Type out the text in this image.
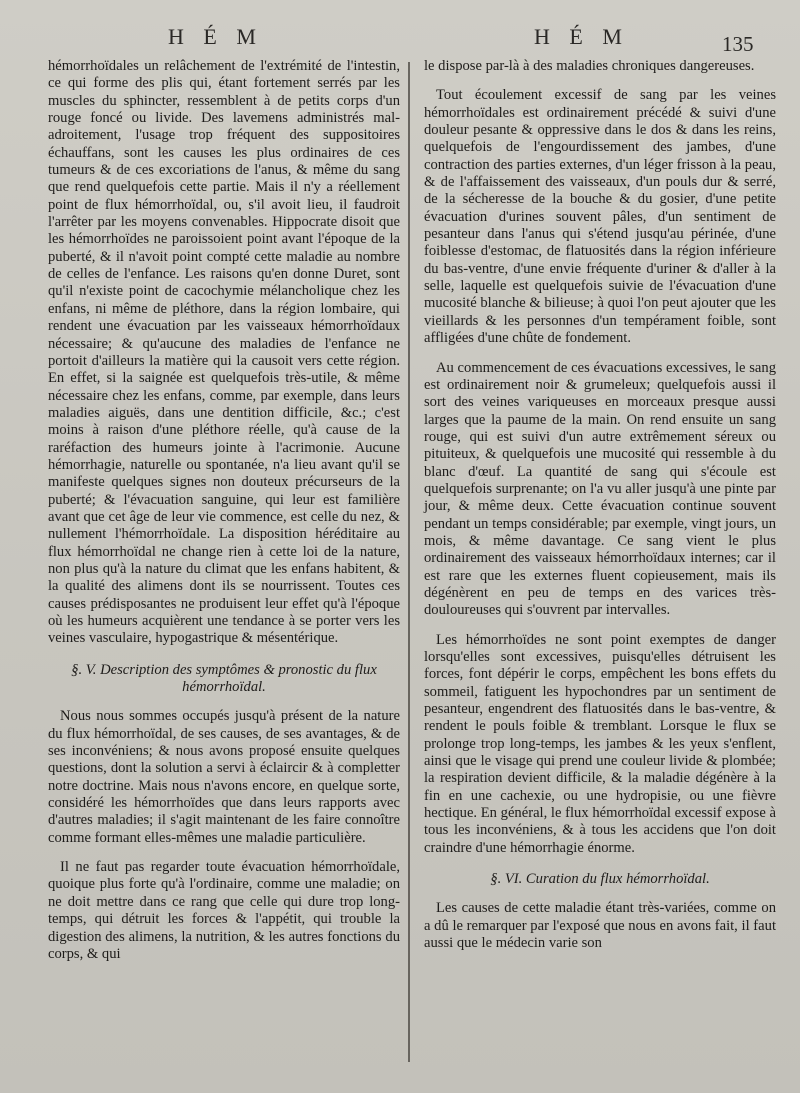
H É M	H É M	135

hémorrhoïdales un relâchement de l'extrémité de l'intestin, ce qui forme des plis qui, étant fortement serrés par les muscles du sphincter, ressemblent à de petits corps d'un rouge foncé ou livide. Des lavemens administrés mal-adroitement, l'usage trop fréquent des suppositoires échauffans, sont les causes les plus ordinaires de ces tumeurs & de ces excoriations de l'anus, & même du sang que rend quelquefois cette partie. Mais il n'y a réellement point de flux hémorrhoïdal, ou, s'il avoit lieu, il faudroit l'arrêter par les moyens convenables. Hippocrate disoit que les hémorrhoïdes ne paroissoient point avant l'époque de la puberté, & il n'avoit point compté cette maladie au nombre de celles de l'enfance. Les raisons qu'en donne Duret, sont qu'il n'existe point de cacochymie mélancholique chez les enfans, ni même de pléthore, dans la région lombaire, qui rendent une évacuation par les vaisseaux hémorrhoïdaux nécessaire; & qu'aucune des maladies de l'enfance ne portoit d'ailleurs la matière qui la causoit vers cette région. En effet, si la saignée est quelquefois très-utile, & même nécessaire chez les enfans, comme, par exemple, dans leurs maladies aiguës, dans une dentition difficile, &c.; c'est moins à raison d'une pléthore réelle, qu'à cause de la raréfaction des humeurs jointe à l'acrimonie. Aucune hémorrhagie, naturelle ou spontanée, n'a lieu avant qu'il se manifeste quelques signes non douteux précurseurs de la puberté; & l'évacuation sanguine, qui leur est familière avant que cet âge de leur vie commence, est celle du nez, & nullement l'hémorrhoïdale. La disposition héréditaire au flux hémorrhoïdal ne change rien à cette loi de la nature, non plus qu'à la nature du climat que les enfans habitent, & la qualité des alimens dont ils se nourrissent. Toutes ces causes prédisposantes ne produisent leur effet qu'à l'époque où les humeurs acquièrent une tendance à se porter vers les veines vasculaire, hypogastrique & mésentérique.

§. V. Description des symptômes & pronostic du flux hémorrhoïdal.

Nous nous sommes occupés jusqu'à présent de la nature du flux hémorrhoïdal, de ses causes, de ses avantages, & de ses inconvéniens; & nous avons proposé ensuite quelques questions, dont la solution a servi à éclaircir & à completter notre doctrine. Mais nous n'avons encore, en quelque sorte, considéré les hémorrhoïdes que dans leurs rapports avec d'autres maladies; il s'agit maintenant de les faire connoître comme formant elles-mêmes une maladie particulière.

Il ne faut pas regarder toute évacuation hémorrhoïdale, quoique plus forte qu'à l'ordinaire, comme une maladie; on ne doit mettre dans ce rang que celle qui dure trop long-temps, qui détruit les forces & l'appétit, qui trouble la digestion des alimens, la nutrition, & les autres fonctions du corps, & qui

le dispose par-là à des maladies chroniques dangereuses.

Tout écoulement excessif de sang par les veines hémorrhoïdales est ordinairement précédé & suivi d'une douleur pesante & oppressive dans le dos & dans les reins, quelquefois de l'engourdissement des jambes, d'une contraction des parties externes, d'un léger frisson à la peau, & de l'affaissement des vaisseaux, d'un pouls dur & serré, de la sécheresse de la bouche & du gosier, d'une petite évacuation d'urines souvent pâles, d'un sentiment de pesanteur dans l'anus qui s'étend jusqu'au périnée, d'une foiblesse d'estomac, de flatuosités dans la région inférieure du bas-ventre, d'une envie fréquente d'uriner & d'aller à la selle, laquelle est quelquefois suivie de l'évacuation d'une mucosité blanche & bilieuse; à quoi l'on peut ajouter que les vieillards & les personnes d'un tempérament foible, sont affligées d'une chûte de fondement.

Au commencement de ces évacuations excessives, le sang est ordinairement noir & grumeleux; quelquefois aussi il sort des veines variqueuses en morceaux presque aussi larges que la paume de la main. On rend ensuite un sang rouge, qui est suivi d'un autre extrêmement séreux ou pituiteux, & quelquefois une mucosité qui ressemble à du blanc d'œuf. La quantité de sang qui s'écoule est quelquefois surprenante; on l'a vu aller jusqu'à une pinte par jour, & même deux. Cette évacuation continue souvent pendant un temps considérable; par exemple, vingt jours, un mois, & même davantage. Ce sang vient le plus ordinairement des vaisseaux hémorrhoïdaux internes; car il est rare que les externes fluent copieusement, mais ils dégénèrent en peu de temps en des varices très-douloureuses qui s'ouvrent par intervalles.

Les hémorrhoïdes ne sont point exemptes de danger lorsqu'elles sont excessives, puisqu'elles détruisent les forces, font dépérir le corps, empêchent les bons effets du sommeil, fatiguent les hypochondres par un sentiment de pesanteur, engendrent des flatuosités dans le bas-ventre, & rendent le pouls foible & tremblant. Lorsque le flux se prolonge trop long-temps, les jambes & les yeux s'enflent, ainsi que le visage qui prend une couleur livide & plombée; la respiration devient difficile, & la maladie dégénère à la fin en une cachexie, ou une hydropisie, ou une fièvre hectique. En général, le flux hémorrhoïdal excessif expose à tous les inconvéniens, & à tous les accidens que l'on doit craindre d'une hémorrhagie énorme.

§. VI. Curation du flux hémorrhoïdal.

Les causes de cette maladie étant très-variées, comme on a dû le remarquer par l'exposé que nous en avons fait, il faut aussi que le médecin varie son
